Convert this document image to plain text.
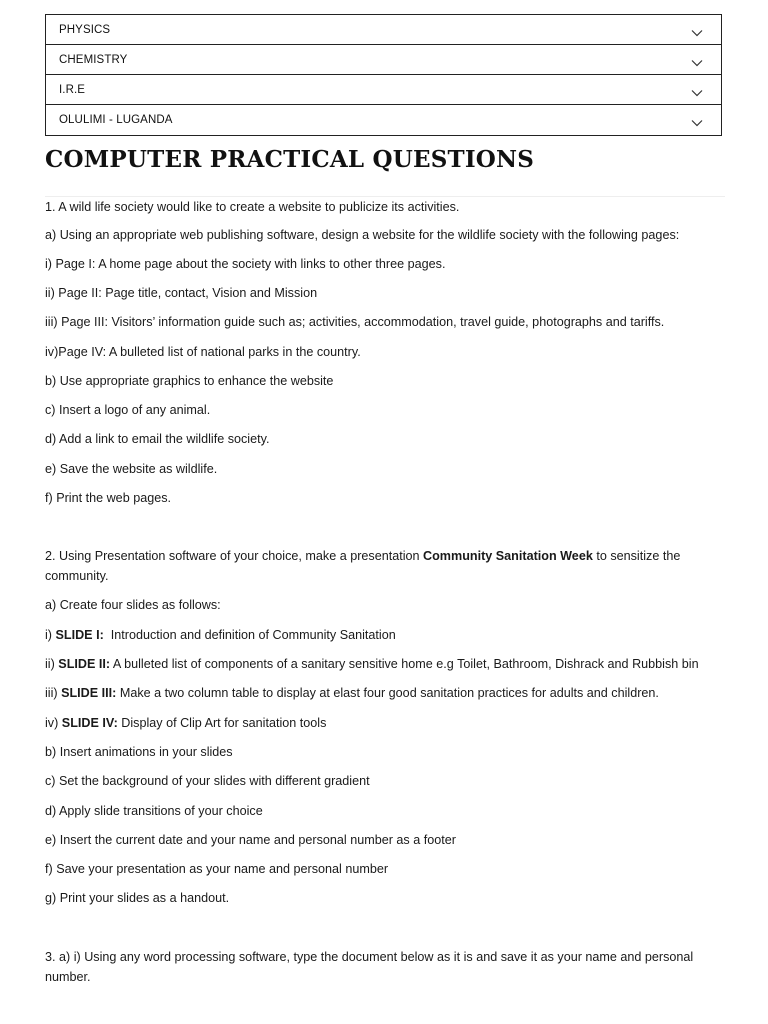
PHYSICS
CHEMISTRY
I.R.E
OLULIMI - LUGANDA
COMPUTER PRACTICAL QUESTIONS

1. A wild life society would like to create a website to publicize its activities.

a) Using an appropriate web publishing software, design a website for the wildlife society with the following pages:

i) Page I: A home page about the society with links to other three pages.

ii) Page II: Page title, contact, Vision and Mission

iii) Page III: Visitors’ information guide such as; activities, accommodation, travel guide, photographs and tariffs.

iv)Page IV: A bulleted list of national parks in the country.

b) Use appropriate graphics to enhance the website

c) Insert a logo of any animal.

d) Add a link to email the wildlife society.

e) Save the website as wildlife.

f) Print the web pages.

2. Using Presentation software of your choice, make a presentation Community Sanitation Week to sensitize the community.

a) Create four slides as follows:

i) SLIDE I:  Introduction and definition of Community Sanitation

ii) SLIDE II: A bulleted list of components of a sanitary sensitive home e.g Toilet, Bathroom, Dishrack and Rubbish bin

iii) SLIDE III: Make a two column table to display at elast four good sanitation practices for adults and children.

iv) SLIDE IV: Display of Clip Art for sanitation tools

b) Insert animations in your slides

c) Set the background of your slides with different gradient

d) Apply slide transitions of your choice

e) Insert the current date and your name and personal number as a footer

f) Save your presentation as your name and personal number

g) Print your slides as a handout.

3. a) i) Using any word processing software, type the document below as it is and save it as your name and personal number.
